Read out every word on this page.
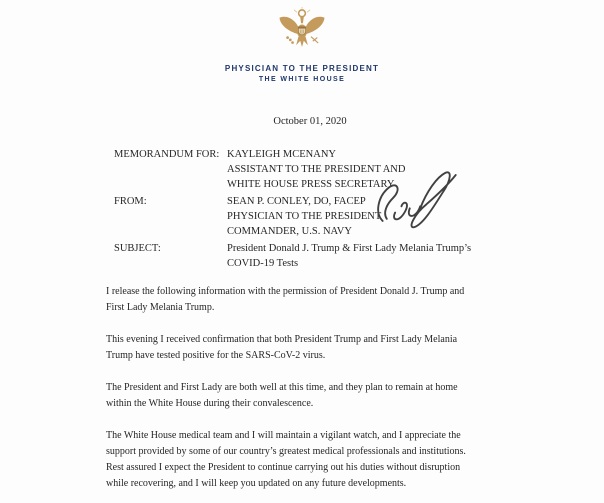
PHYSICIAN TO THE PRESIDENT
THE WHITE HOUSE
October 01, 2020
MEMORANDUM FOR: KAYLEIGH MCENANY
ASSISTANT TO THE PRESIDENT AND
WHITE HOUSE PRESS SECRETARY
FROM:	SEAN P. CONLEY, DO, FACEP
PHYSICIAN TO THE PRESIDENT
COMMANDER, U.S. NAVY
SUBJECT:	President Donald J. Trump & First Lady Melania Trump’s
COVID-19 Tests

I release the following information with the permission of President Donald J. Trump and First Lady Melania Trump.

This evening I received confirmation that both President Trump and First Lady Melania Trump have tested positive for the SARS-CoV-2 virus.

The President and First Lady are both well at this time, and they plan to remain at home within the White House during their convalescence.

The White House medical team and I will maintain a vigilant watch, and I appreciate the support provided by some of our country’s greatest medical professionals and institutions.  Rest assured I expect the President to continue carrying out his duties without disruption while recovering, and I will keep you updated on any future developments.
